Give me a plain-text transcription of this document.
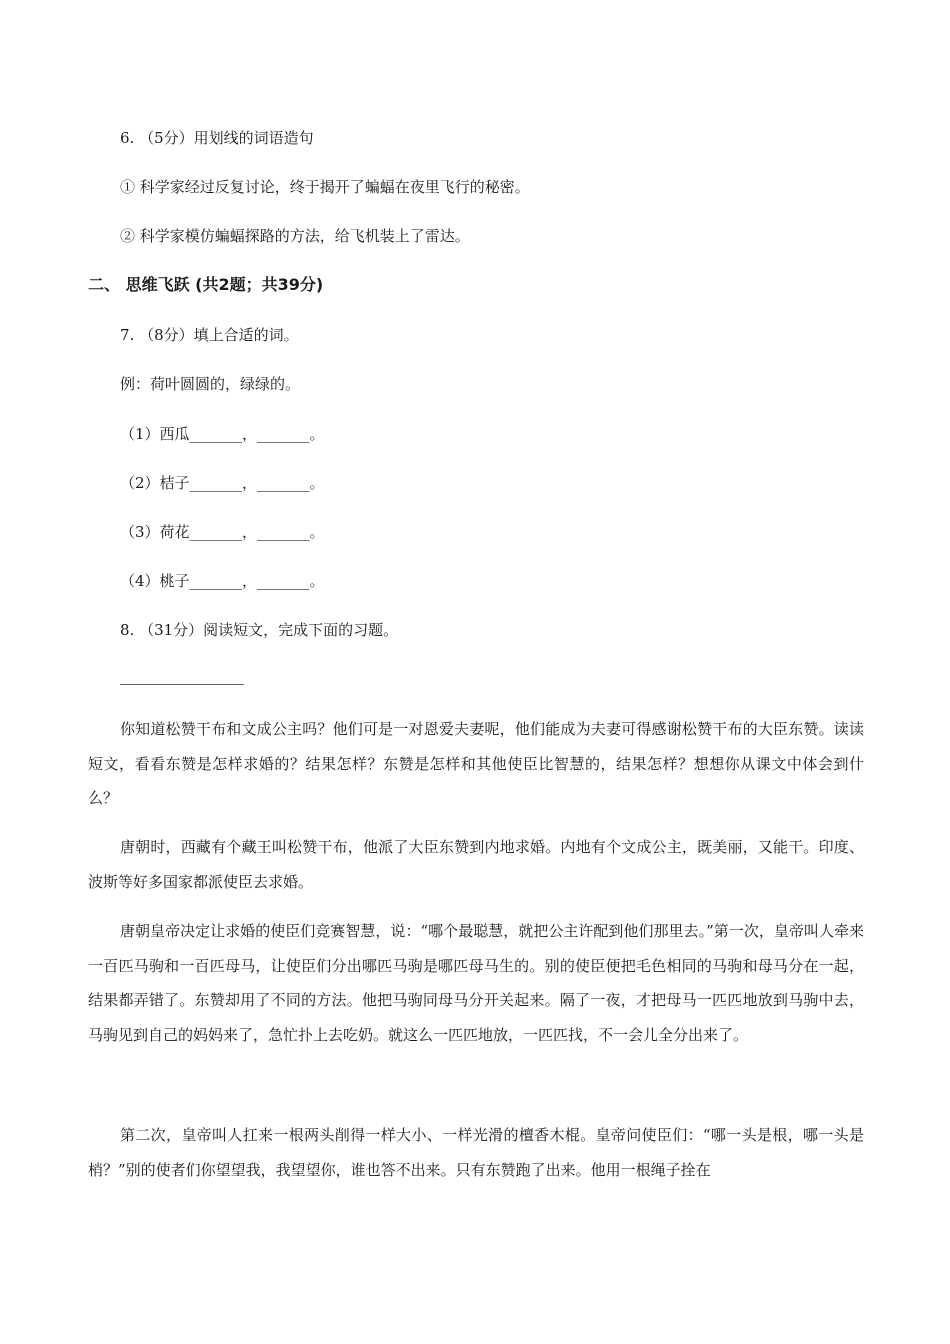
6. （5分）用划线的词语造句
① 科学家经过反复讨论，终于揭开了蝙蝠在夜里飞行的秘密。
② 科学家模仿蝙蝠探路的方法，给飞机装上了雷达。
二、 思维飞跃 (共2题；共39分)
7. （8分）填上合适的词。
例：荷叶圆圆的，绿绿的。
（1）西瓜_______，_______。
（2）桔子_______，_______。
（3）荷花_______，_______。
（4）桃子_______，_______。
8. （31分）阅读短文，完成下面的习题。

你知道松赞干布和文成公主吗？他们可是一对恩爱夫妻呢，他们能成为夫妻可得感谢松赞干布的大臣东赞。读读短文，看看东赞是怎样求婚的？结果怎样？东赞是怎样和其他使臣比智慧的，结果怎样？想想你从课文中体会到什么？

唐朝时，西藏有个藏王叫松赞干布，他派了大臣东赞到内地求婚。内地有个文成公主，既美丽，又能干。印度、波斯等好多国家都派使臣去求婚。

唐朝皇帝决定让求婚的使臣们竞赛智慧，说：“哪个最聪慧，就把公主许配到他们那里去。”第一次，皇帝叫人牵来一百匹马驹和一百匹母马，让使臣们分出哪匹马驹是哪匹母马生的。别的使臣便把毛色相同的马驹和母马分在一起，结果都弄错了。东赞却用了不同的方法。他把马驹同母马分开关起来。隔了一夜，才把母马一匹匹地放到马驹中去，马驹见到自己的妈妈来了，急忙扑上去吃奶。就这么一匹匹地放，一匹匹找，不一会儿全分出来了。

第二次，皇帝叫人扛来一根两头削得一样大小、一样光滑的檀香木棍。皇帝问使臣们：“哪一头是根，哪一头是梢？”别的使者们你望望我，我望望你，谁也答不出来。只有东赞跑了出来。他用一根绳子拴在
